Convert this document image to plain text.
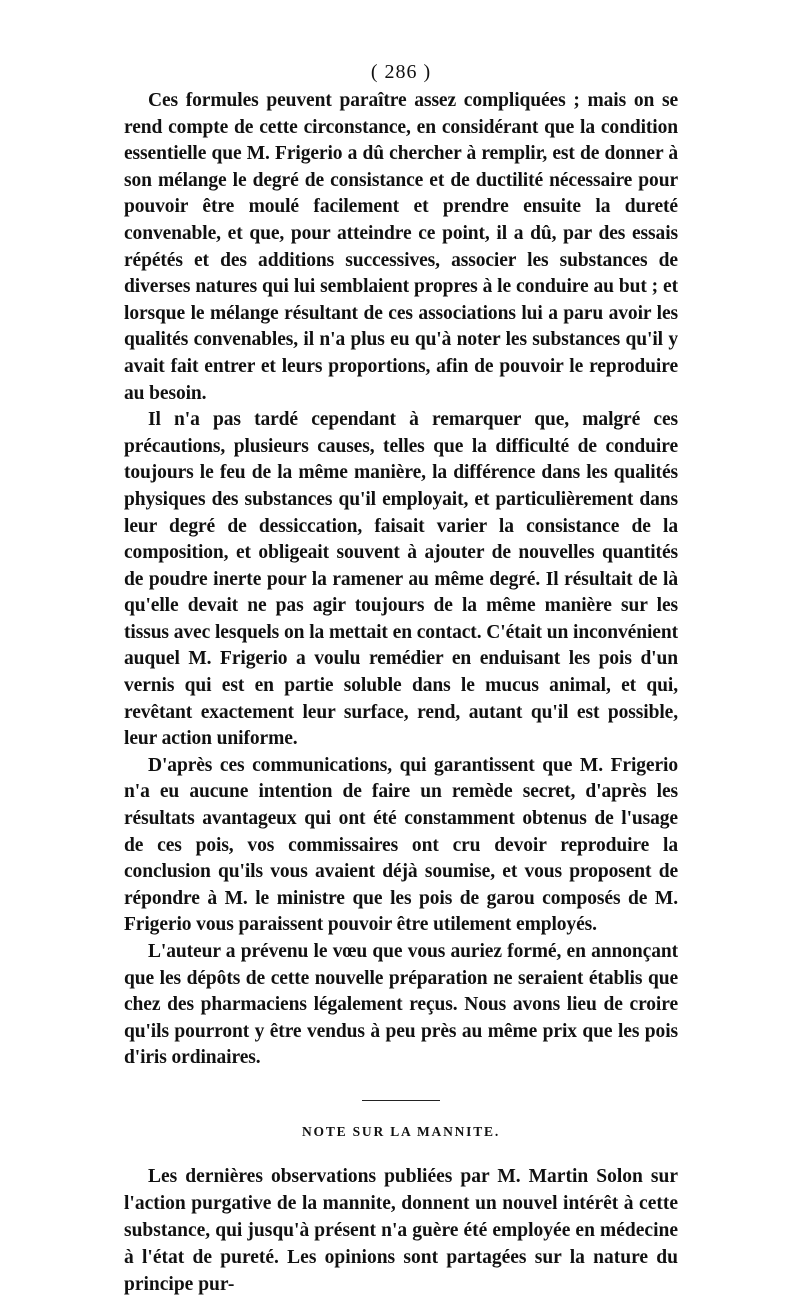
( 286 )

Ces formules peuvent paraître assez compliquées ; mais on se rend compte de cette circonstance, en considérant que la condition essentielle que M. Frigerio a dû chercher à remplir, est de donner à son mélange le degré de consistance et de ductilité nécessaire pour pouvoir être moulé facilement et prendre ensuite la dureté convenable, et que, pour atteindre ce point, il a dû, par des essais répétés et des additions successives, associer les substances de diverses natures qui lui semblaient propres à le conduire au but ; et lorsque le mélange résultant de ces associations lui a paru avoir les qualités convenables, il n'a plus eu qu'à noter les substances qu'il y avait fait entrer et leurs proportions, afin de pouvoir le reproduire au besoin.

Il n'a pas tardé cependant à remarquer que, malgré ces précautions, plusieurs causes, telles que la difficulté de conduire toujours le feu de la même manière, la différence dans les qualités physiques des substances qu'il employait, et particulièrement dans leur degré de dessiccation, faisait varier la consistance de la composition, et obligeait souvent à ajouter de nouvelles quantités de poudre inerte pour la ramener au même degré. Il résultait de là qu'elle devait ne pas agir toujours de la même manière sur les tissus avec lesquels on la mettait en contact. C'était un inconvénient auquel M. Frigerio a voulu remédier en enduisant les pois d'un vernis qui est en partie soluble dans le mucus animal, et qui, revêtant exactement leur surface, rend, autant qu'il est possible, leur action uniforme.

D'après ces communications, qui garantissent que M. Frigerio n'a eu aucune intention de faire un remède secret, d'après les résultats avantageux qui ont été constamment obtenus de l'usage de ces pois, vos commissaires ont cru devoir reproduire la conclusion qu'ils vous avaient déjà soumise, et vous proposent de répondre à M. le ministre que les pois de garou composés de M. Frigerio vous paraissent pouvoir être utilement employés.

L'auteur a prévenu le vœu que vous auriez formé, en annonçant que les dépôts de cette nouvelle préparation ne seraient établis que chez des pharmaciens légalement reçus. Nous avons lieu de croire qu'ils pourront y être vendus à peu près au même prix que les pois d'iris ordinaires.

NOTE SUR LA MANNITE.

Les dernières observations publiées par M. Martin Solon sur l'action purgative de la mannite, donnent un nouvel intérêt à cette substance, qui jusqu'à présent n'a guère été employée en médecine à l'état de pureté. Les opinions sont partagées sur la nature du principe pur-
